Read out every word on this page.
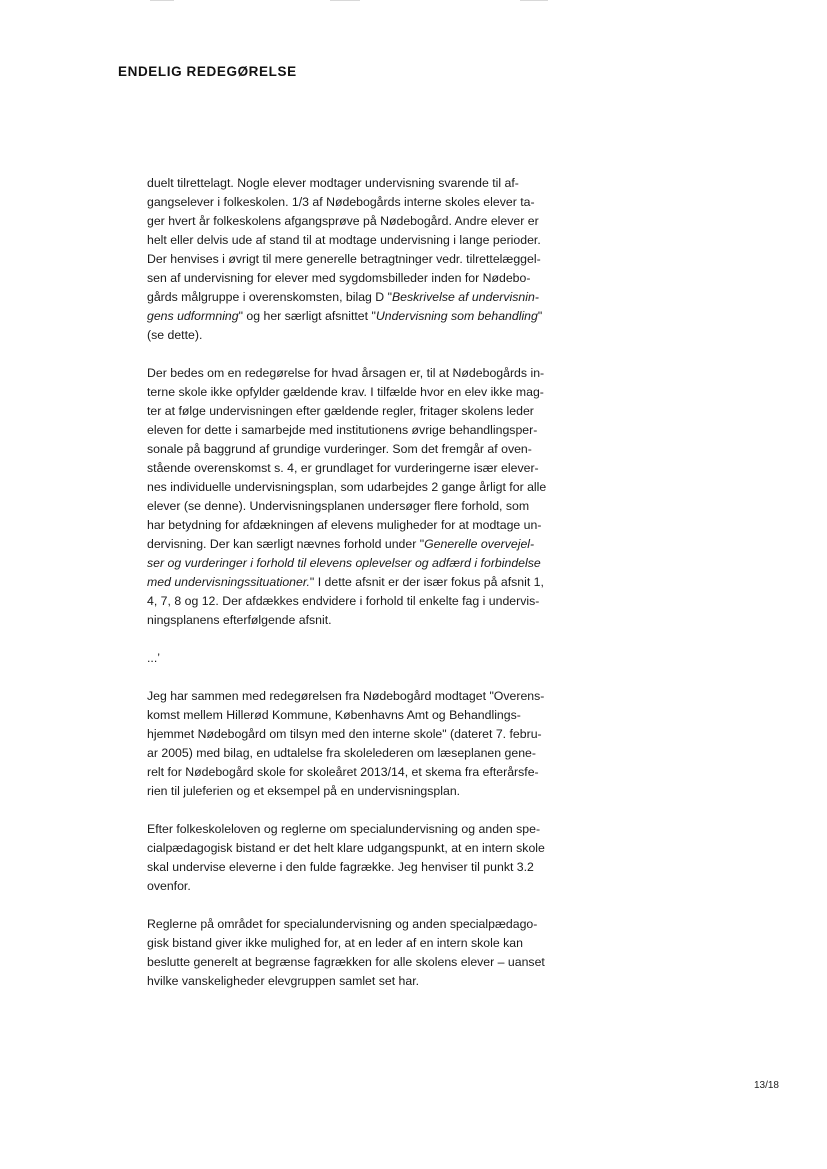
ENDELIG REDEGØRELSE
duelt tilrettelagt. Nogle elever modtager undervisning svarende til af-
gangselever i folkeskolen. 1/3 af Nødebogårds interne skoles elever ta-
ger hvert år folkeskolens afgangsprøve på Nødebogård. Andre elever er
helt eller delvis ude af stand til at modtage undervisning i lange perioder.
Der henvises i øvrigt til mere generelle betragtninger vedr. tilrettelæggel-
sen af undervisning for elever med sygdomsbilleder inden for Nødebo-
gårds målgruppe i overenskomsten, bilag D "Beskrivelse af undervisnin-
gens udformning" og her særligt afsnittet "Undervisning som behandling"
(se dette).
Der bedes om en redegørelse for hvad årsagen er, til at Nødebogårds in-
terne skole ikke opfylder gældende krav. I tilfælde hvor en elev ikke mag-
ter at følge undervisningen efter gældende regler, fritager skolens leder
eleven for dette i samarbejde med institutionens øvrige behandlingsper-
sonale på baggrund af grundige vurderinger. Som det fremgår af oven-
stående overenskomst s. 4, er grundlaget for vurderingerne især elever-
nes individuelle undervisningsplan, som udarbejdes 2 gange årligt for alle
elever (se denne). Undervisningsplanen undersøger flere forhold, som
har betydning for afdækningen af elevens muligheder for at modtage un-
dervisning. Der kan særligt nævnes forhold under "Generelle overvejel-
ser og vurderinger i forhold til elevens oplevelser og adfærd i forbindelse
med undervisningssituationer." I dette afsnit er der især fokus på afsnit 1,
4, 7, 8 og 12. Der afdækkes endvidere i forhold til enkelte fag i undervis-
ningsplanens efterfølgende afsnit.
...’
Jeg har sammen med redegørelsen fra Nødebogård modtaget "Overens-
komst mellem Hillerød Kommune, Københavns Amt og Behandlings-
hjemmet Nødebogård om tilsyn med den interne skole" (dateret 7. febru-
ar 2005) med bilag, en udtalelse fra skolelederen om læseplanen gene-
relt for Nødebogård skole for skoleåret 2013/14, et skema fra efterårsfe-
rien til juleferien og et eksempel på en undervisningsplan.
Efter folkeskoleloven og reglerne om specialundervisning og anden spe-
cialpædagogisk bistand er det helt klare udgangspunkt, at en intern skole
skal undervise eleverne i den fulde fagrække. Jeg henviser til punkt 3.2
ovenfor.
Reglerne på området for specialundervisning og anden specialpædago-
gisk bistand giver ikke mulighed for, at en leder af en intern skole kan
beslutte generelt at begrænse fagrækken for alle skolens elever – uanset
hvilke vanskeligheder elevgruppen samlet set har.
13/18
